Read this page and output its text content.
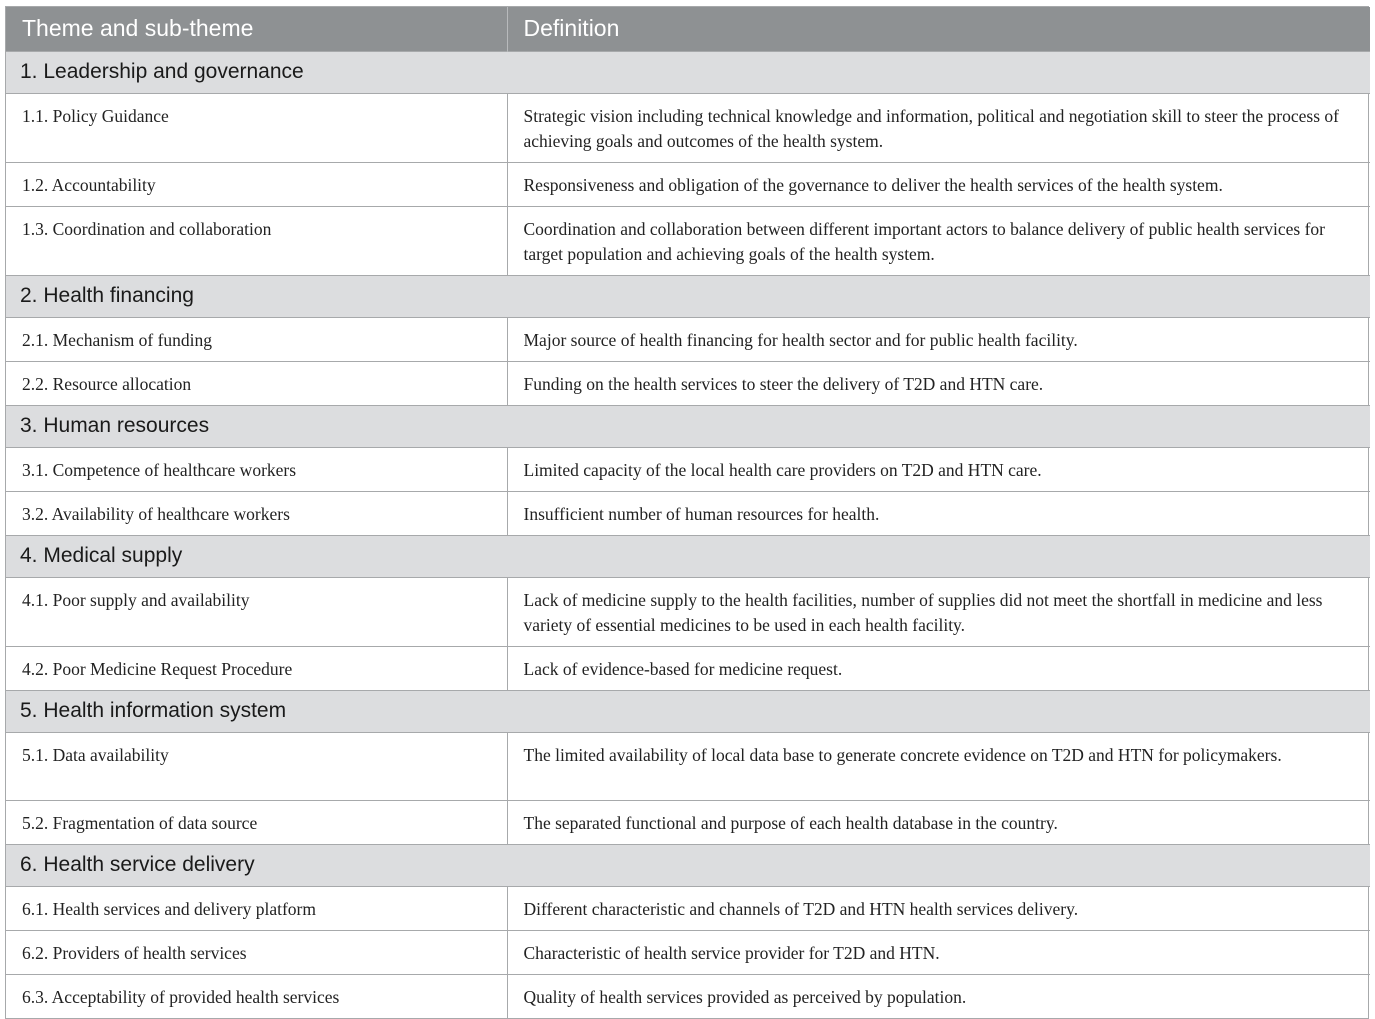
Theme and sub-theme	Definition
1. Leadership and governance	
1.1. Policy Guidance	Strategic vision including technical knowledge and information, political and negotiation skill to steer the process of achieving goals and outcomes of the health system.
1.2. Accountability	Responsiveness and obligation of the governance to deliver the health services of the health system.
1.3. Coordination and collaboration	Coordination and collaboration between different important actors to balance delivery of public health services for target population and achieving goals of the health system.
2. Health financing	
2.1. Mechanism of funding	Major source of health financing for health sector and for public health facility.
2.2. Resource allocation	Funding on the health services to steer the delivery of T2D and HTN care.
3. Human resources	
3.1. Competence of healthcare workers	Limited capacity of the local health care providers on T2D and HTN care.
3.2. Availability of healthcare workers	Insufficient number of human resources for health.
4. Medical supply	
4.1. Poor supply and availability	Lack of medicine supply to the health facilities, number of supplies did not meet the shortfall in medicine and less variety of essential medicines to be used in each health facility.
4.2. Poor Medicine Request Procedure	Lack of evidence-based for medicine request.
5. Health information system	
5.1. Data availability	The limited availability of local data base to generate concrete evidence on T2D and HTN for policymakers.
5.2. Fragmentation of data source	The separated functional and purpose of each health database in the country.
6. Health service delivery	
6.1. Health services and delivery platform	Different characteristic and channels of T2D and HTN health services delivery.
6.2. Providers of health services	Characteristic of health service provider for T2D and HTN.
6.3. Acceptability of provided health services	Quality of health services provided as perceived by population.
